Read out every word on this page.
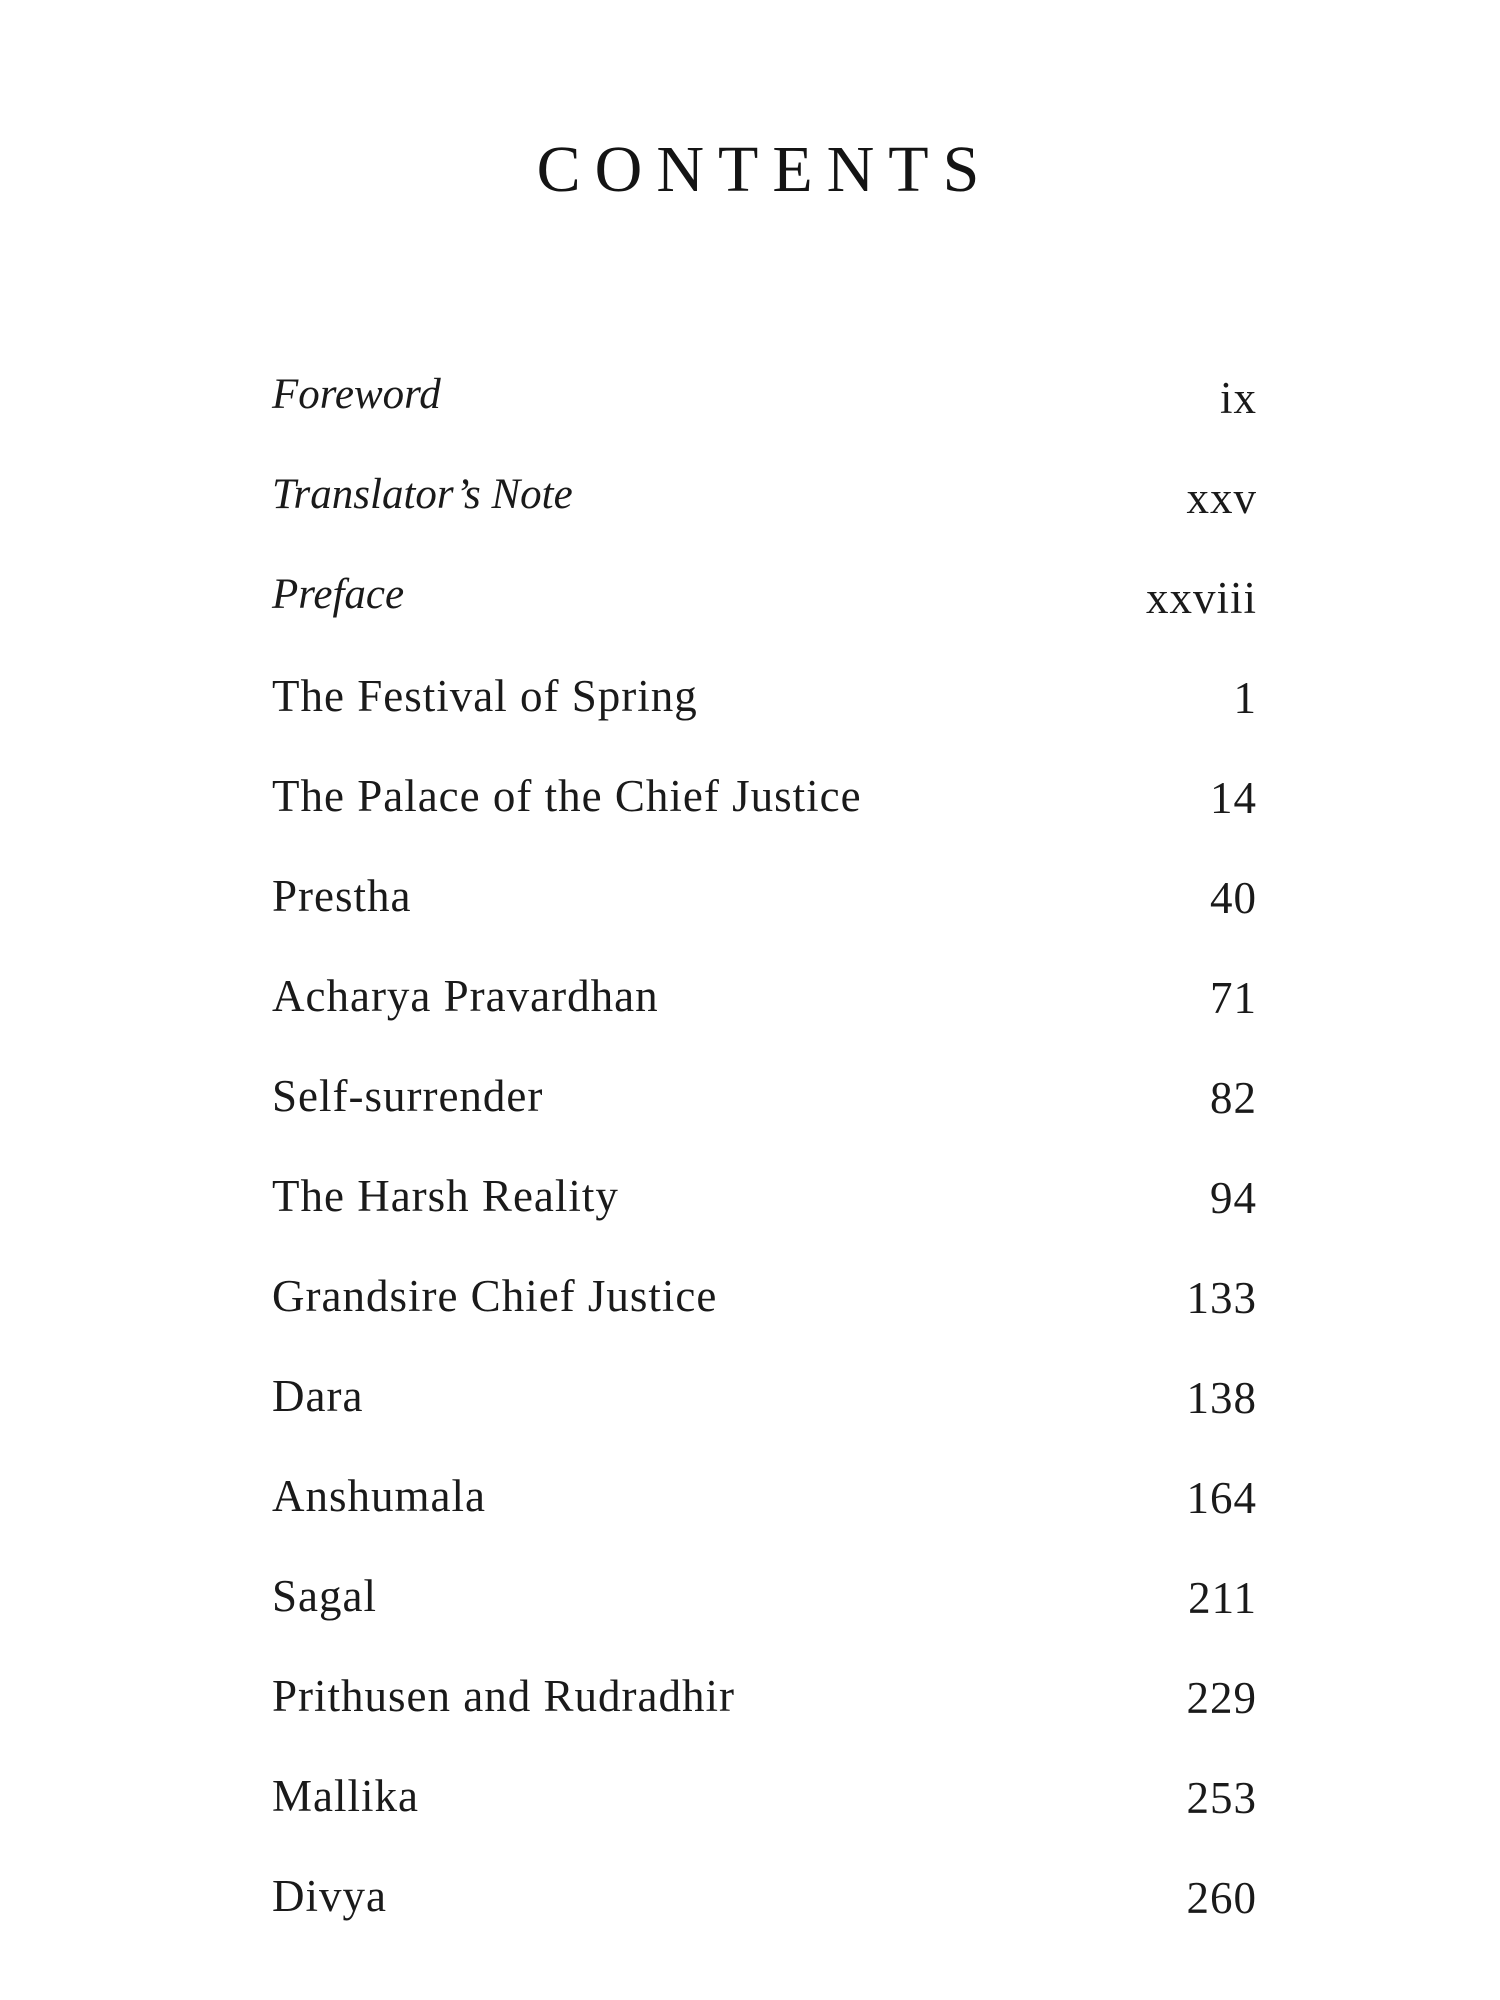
CONTENTS
Foreword	ix
Translator’s Note	xxv
Preface	xxviii
The Festival of Spring	1
The Palace of the Chief Justice	14
Prestha	40
Acharya Pravardhan	71
Self-surrender	82
The Harsh Reality	94
Grandsire Chief Justice	133
Dara	138
Anshumala	164
Sagal	211
Prithusen and Rudradhir	229
Mallika	253
Divya	260
